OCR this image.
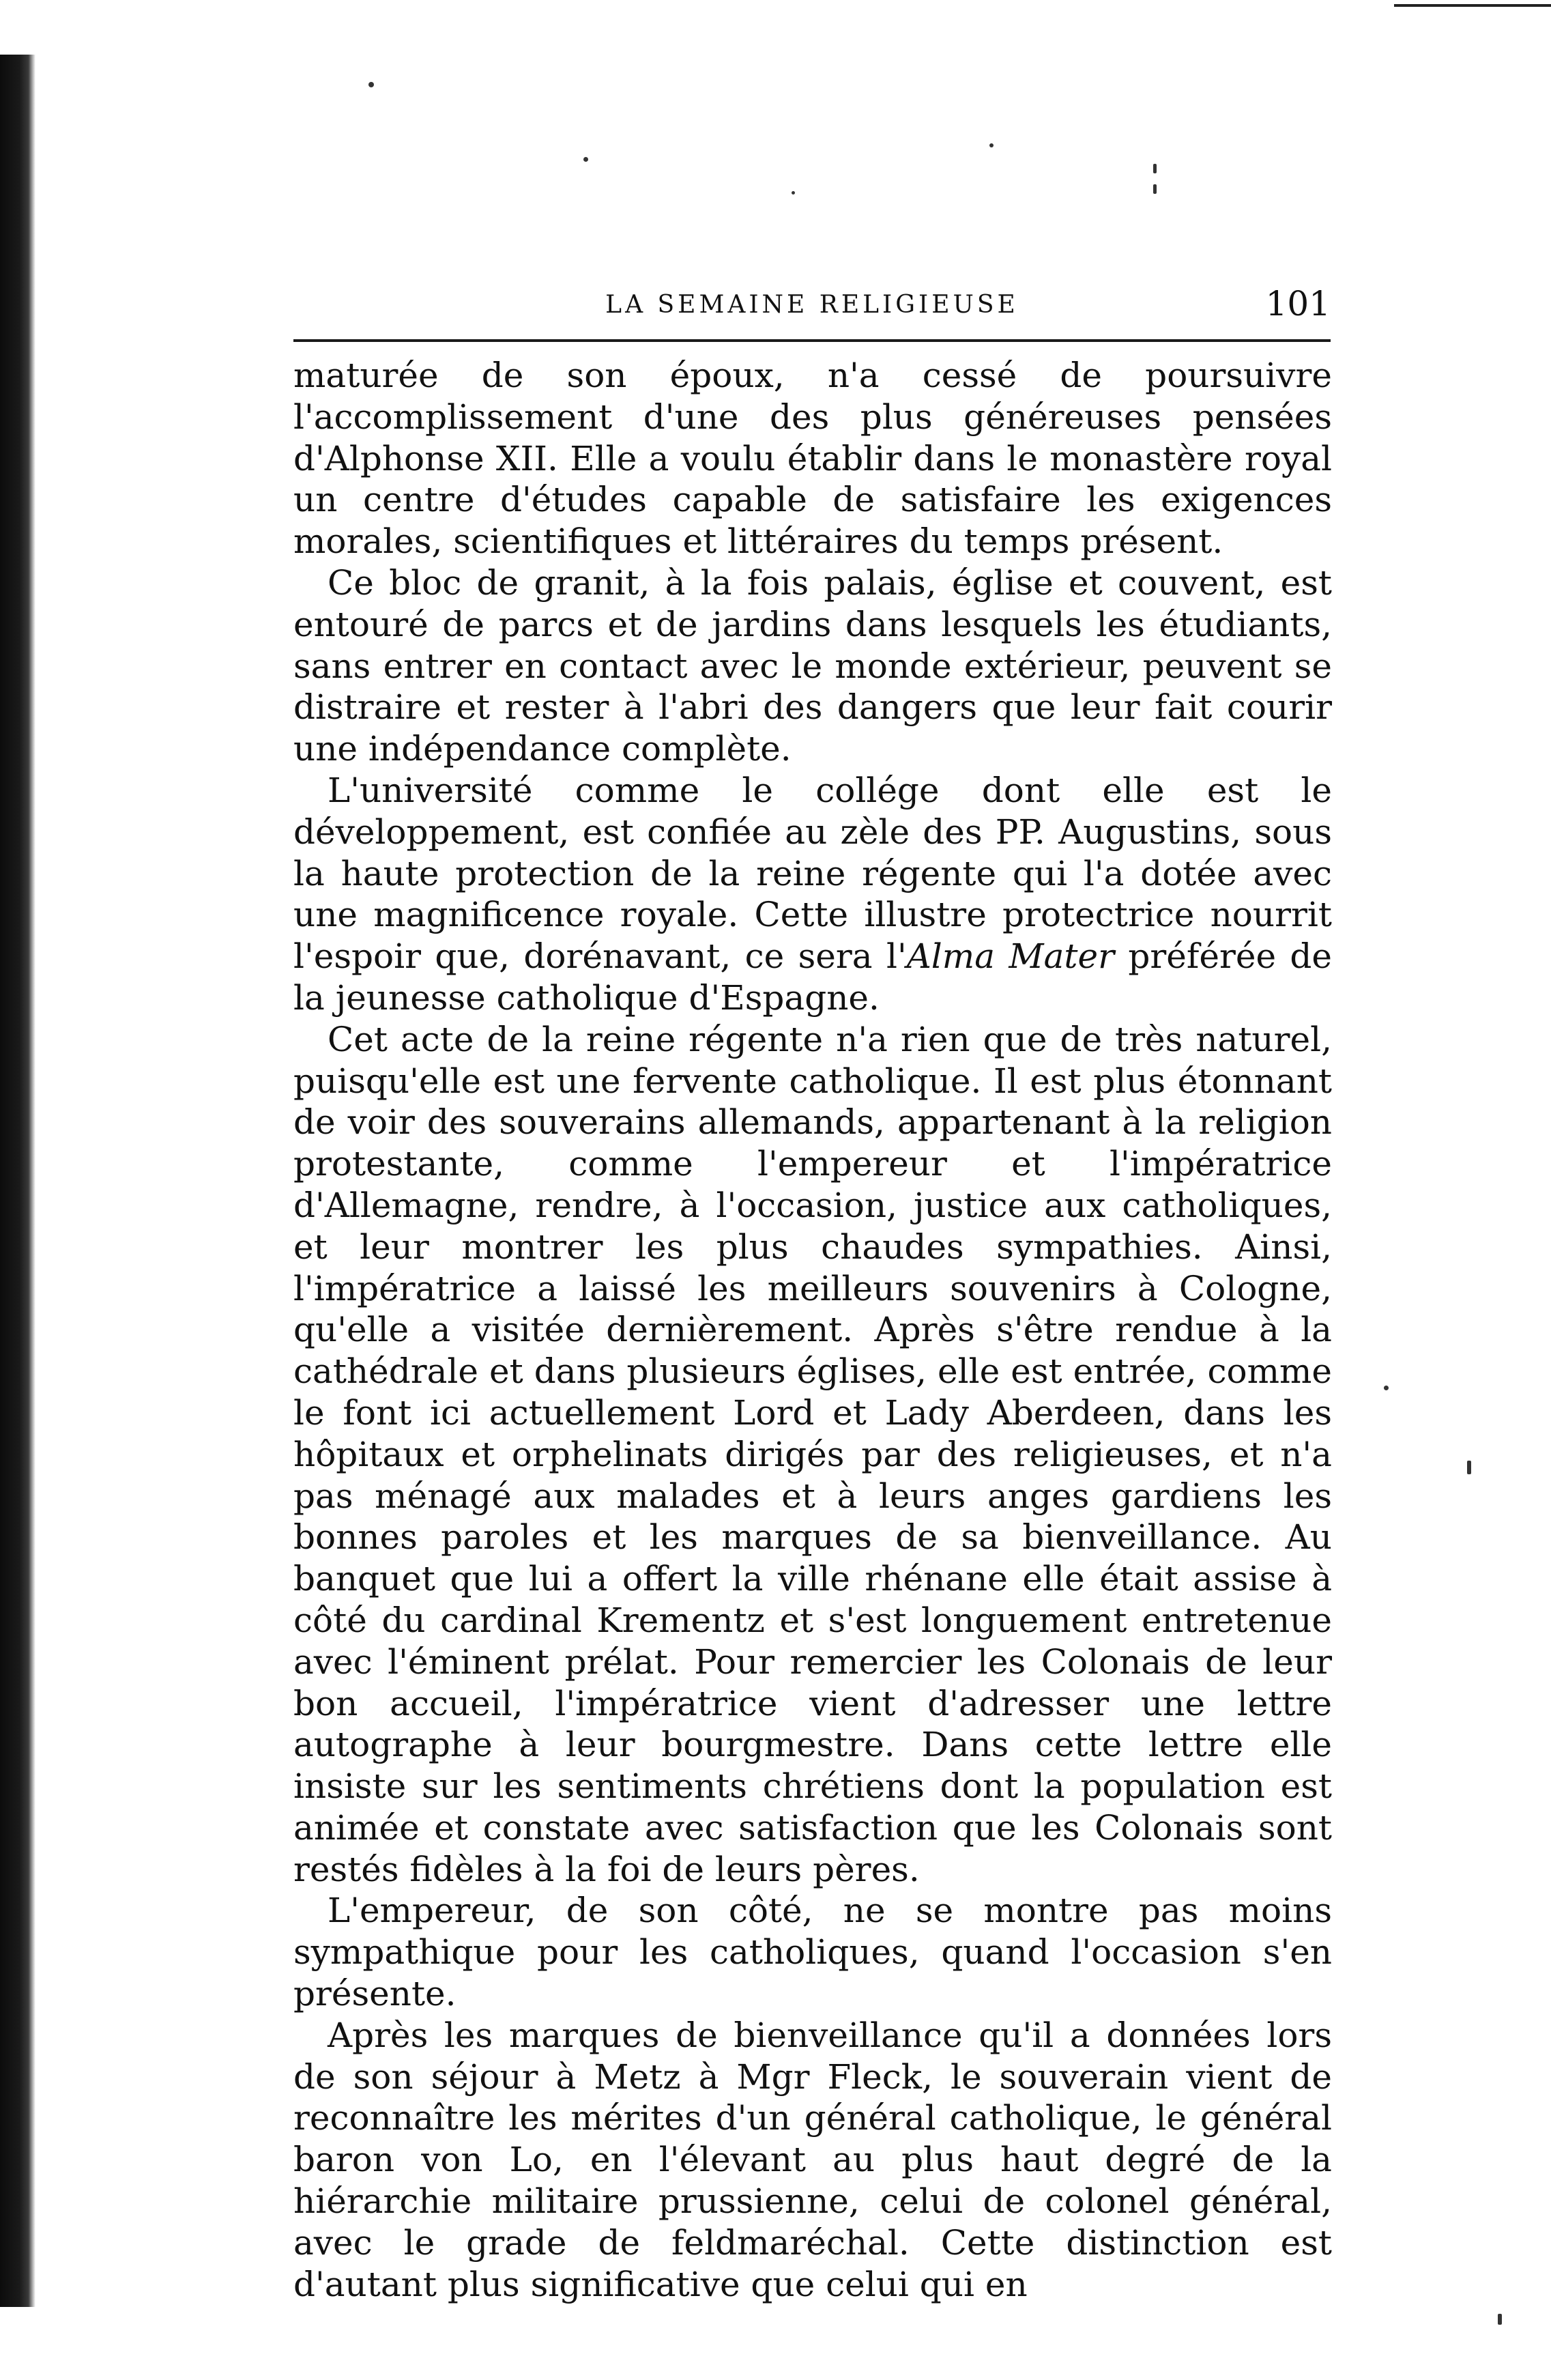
LA SEMAINE RELIGIEUSE	101

maturée de son époux, n'a cessé de poursuivre l'accomplissement d'une des plus généreuses pensées d'Alphonse XII. Elle a voulu établir dans le monastère royal un centre d'études capable de satisfaire les exigences morales, scientifiques et littéraires du temps présent.

Ce bloc de granit, à la fois palais, église et couvent, est entouré de parcs et de jardins dans lesquels les étudiants, sans entrer en contact avec le monde extérieur, peuvent se distraire et rester à l'abri des dangers que leur fait courir une indépendance complète.

L'université comme le collége dont elle est le développement, est confiée au zèle des PP. Augustins, sous la haute protection de la reine régente qui l'a dotée avec une magnificence royale. Cette illustre protectrice nourrit l'espoir que, dorénavant, ce sera l'Alma Mater préférée de la jeunesse catholique d'Espagne.

Cet acte de la reine régente n'a rien que de très naturel, puisqu'elle est une fervente catholique. Il est plus étonnant de voir des souverains allemands, appartenant à la religion protestante, comme l'empereur et l'impératrice d'Allemagne, rendre, à l'occasion, justice aux catholiques, et leur montrer les plus chaudes sympathies. Ainsi, l'impératrice a laissé les meilleurs souvenirs à Cologne, qu'elle a visitée dernièrement. Après s'être rendue à la cathédrale et dans plusieurs églises, elle est entrée, comme le font ici actuellement Lord et Lady Aberdeen, dans les hôpitaux et orphelinats dirigés par des religieuses, et n'a pas ménagé aux malades et à leurs anges gardiens les bonnes paroles et les marques de sa bienveillance. Au banquet que lui a offert la ville rhénane elle était assise à côté du cardinal Krementz et s'est longuement entretenue avec l'éminent prélat. Pour remercier les Colonais de leur bon accueil, l'impératrice vient d'adresser une lettre autographe à leur bourgmestre. Dans cette lettre elle insiste sur les sentiments chrétiens dont la population est animée et constate avec satisfaction que les Colonais sont restés fidèles à la foi de leurs pères.

L'empereur, de son côté, ne se montre pas moins sympathique pour les catholiques, quand l'occasion s'en présente.

Après les marques de bienveillance qu'il a données lors de son séjour à Metz à Mgr Fleck, le souverain vient de reconnaître les mérites d'un général catholique, le général baron von Lo, en l'élevant au plus haut degré de la hiérarchie militaire prussienne, celui de colonel général, avec le grade de feldmaréchal. Cette distinction est d'autant plus significative que celui qui en
